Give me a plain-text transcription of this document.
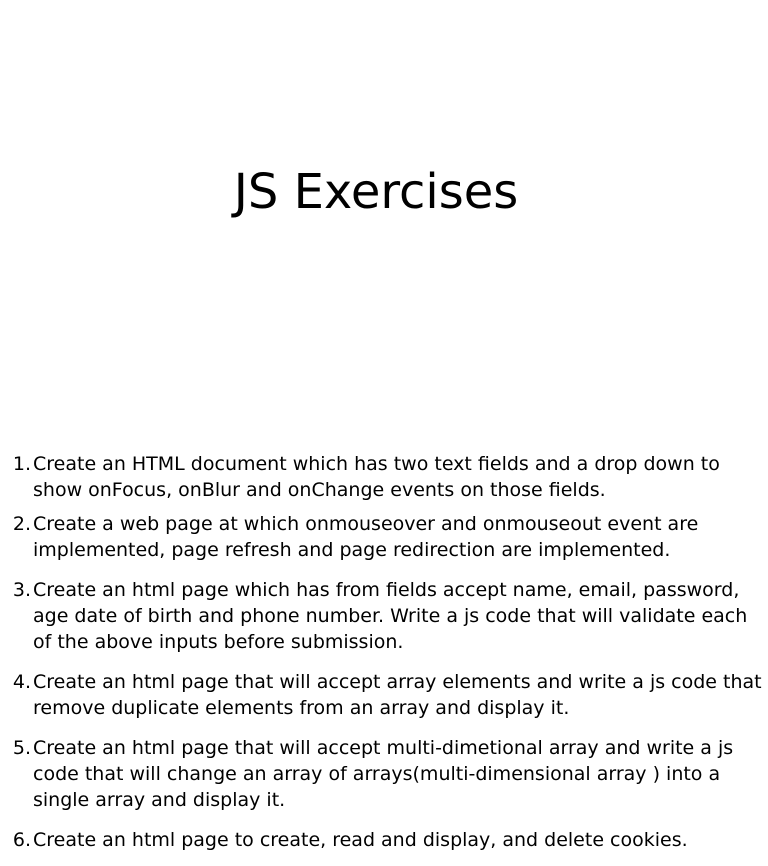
JS Exercises
1. Create an HTML document which has two text fields and a drop down to show onFocus, onBlur and onChange events on those fields.
2. Create a web page at which onmouseover and onmouseout event are implemented, page refresh and page redirection are implemented.
3. Create an html page which has from fields accept name, email, password, age date of birth and phone number. Write a js code that will validate each of the above inputs before submission.
4. Create an html page that will accept array elements and write a js code that remove duplicate elements from an array and display it.
5. Create an html page that will accept multi-dimetional array and write a js code that will change an array of arrays(multi-dimensional array ) into a single array and display it.
6. Create an html page to create, read and display, and delete cookies.
